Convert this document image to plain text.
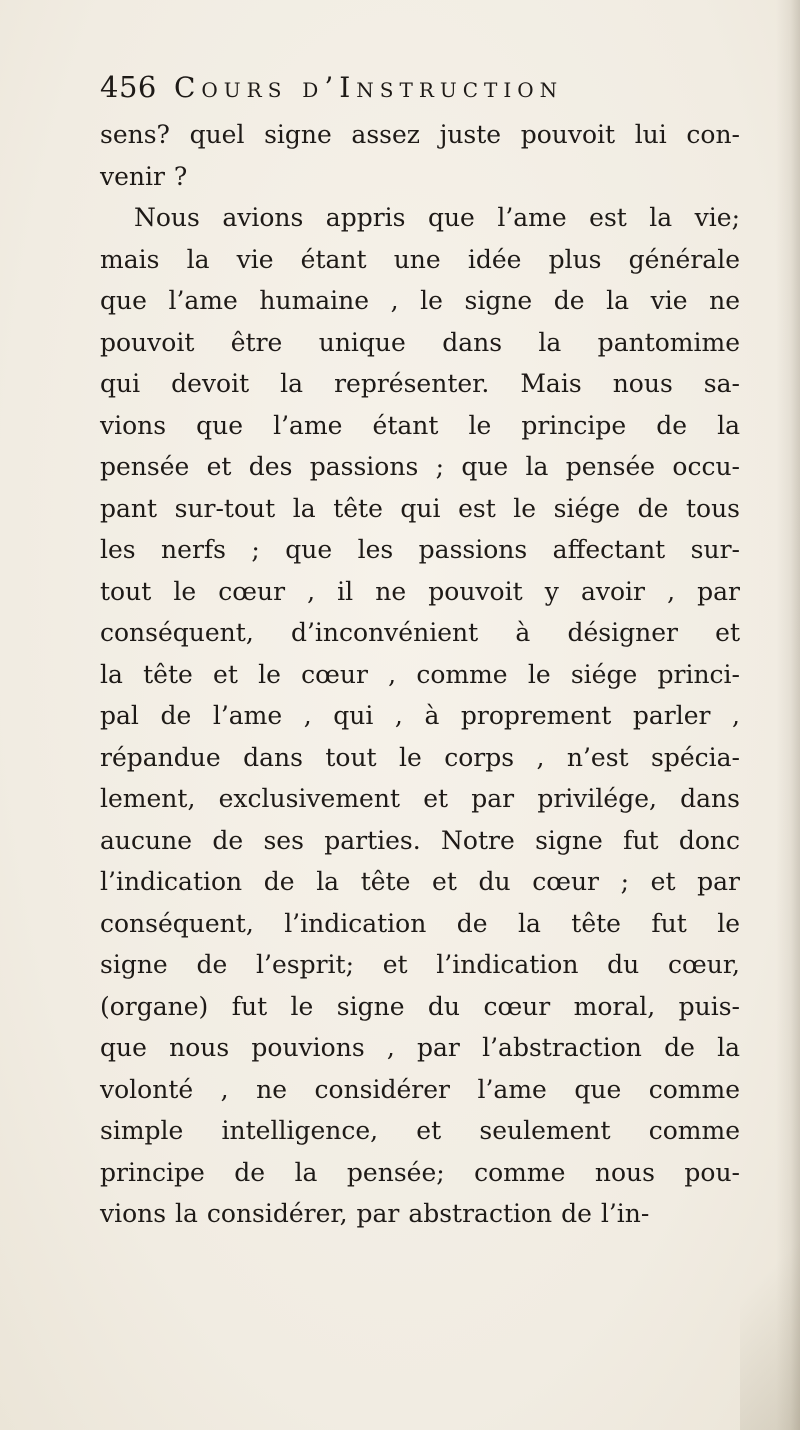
456 Cours d’Instruction
sens? quel signe assez juste pouvoit lui con-
venir ?
Nous avions appris que l’ame est la vie;
mais la vie étant une idée plus générale
que l’ame humaine , le signe de la vie ne
pouvoit être unique dans la pantomime
qui devoit la représenter. Mais nous sa-
vions que l’ame étant le principe de la
pensée et des passions ; que la pensée occu-
pant sur-tout la tête qui est le siége de tous
les nerfs ; que les passions affectant sur-
tout le cœur , il ne pouvoit y avoir , par
conséquent, d’inconvénient à désigner et
la tête et le cœur , comme le siége princi-
pal de l’ame , qui , à proprement parler ,
répandue dans tout le corps , n’est spécia-
lement, exclusivement et par privilége, dans
aucune de ses parties. Notre signe fut donc
l’indication de la tête et du cœur ; et par
conséquent, l’indication de la tête fut le
signe de l’esprit; et l’indication du cœur,
(organe) fut le signe du cœur moral, puis-
que nous pouvions , par l’abstraction de la
volonté , ne considérer l’ame que comme
simple intelligence, et seulement comme
principe de la pensée; comme nous pou-
vions la considérer, par abstraction de l’in-
